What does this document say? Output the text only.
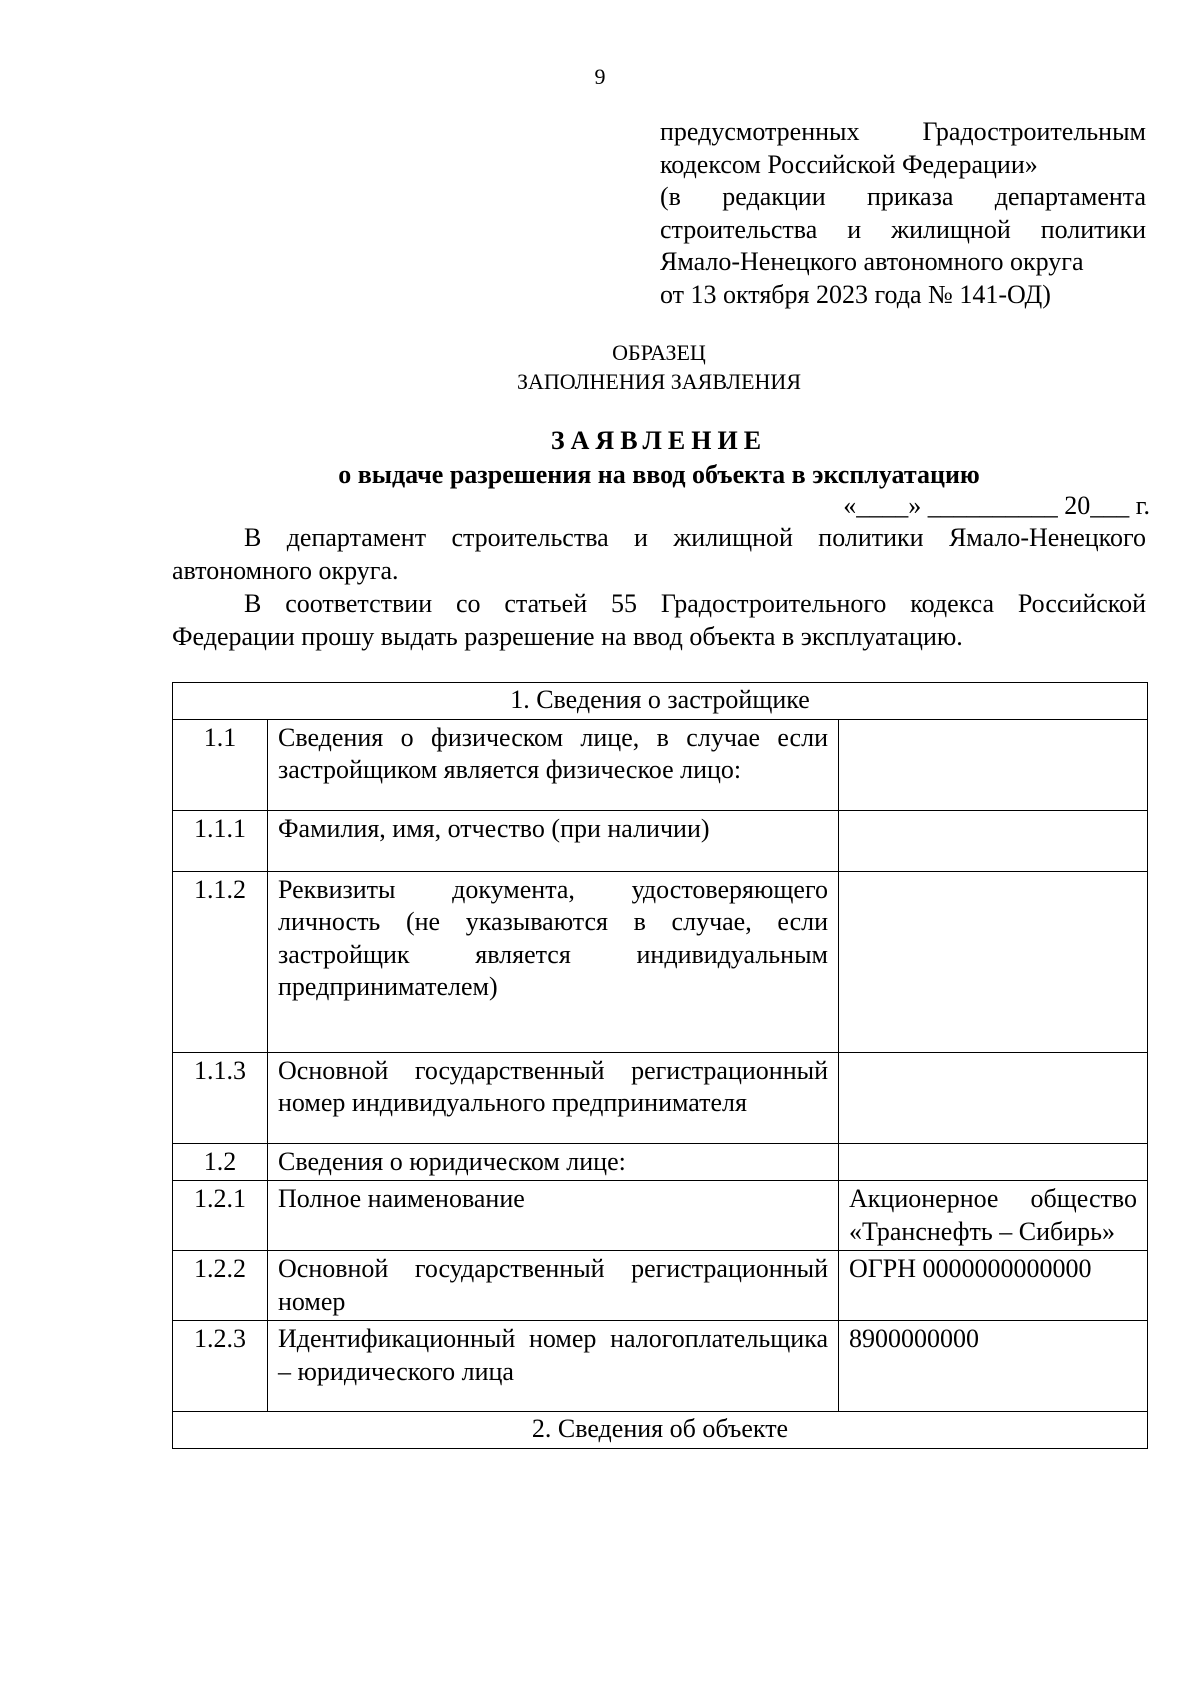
9
предусмотренных Градостроительным
кодексом Российской Федерации»
(в редакции приказа департамента
строительства и жилищной политики
Ямало-Ненецкого автономного округа
от 13 октября 2023 года № 141-ОД)
ОБРАЗЕЦ
ЗАПОЛНЕНИЯ ЗАЯВЛЕНИЯ
ЗАЯВЛЕНИЕ
о выдаче разрешения на ввод объекта в эксплуатацию
«____» __________ 20___ г.
В департамент строительства и жилищной политики Ямало-Ненецкого автономного округа.
В соответствии со статьей 55 Градостроительного кодекса Российской Федерации прошу выдать разрешение на ввод объекта в эксплуатацию.
1. Сведения о застройщике		
1.1	Сведения о физическом лице, в случае если застройщиком является физическое лицо:	

1.1.1	Фамилия, имя, отчество (при наличии)	
1.1.2	Реквизиты документа, удостоверяющего личность (не указываются в случае, если застройщик является индивидуальным предпринимателем)	
1.1.3	Основной государственный регистрационный номер индивидуального предпринимателя	
1.2	Сведения о юридическом лице:	
1.2.1	Полное наименование	Акционерное общество «Транснефть – Сибирь»
1.2.2	Основной государственный регистрационный номер	ОГРН 0000000000000
1.2.3	Идентификационный номер налогоплательщика – юридического лица	8900000000
2. Сведения об объекте		
